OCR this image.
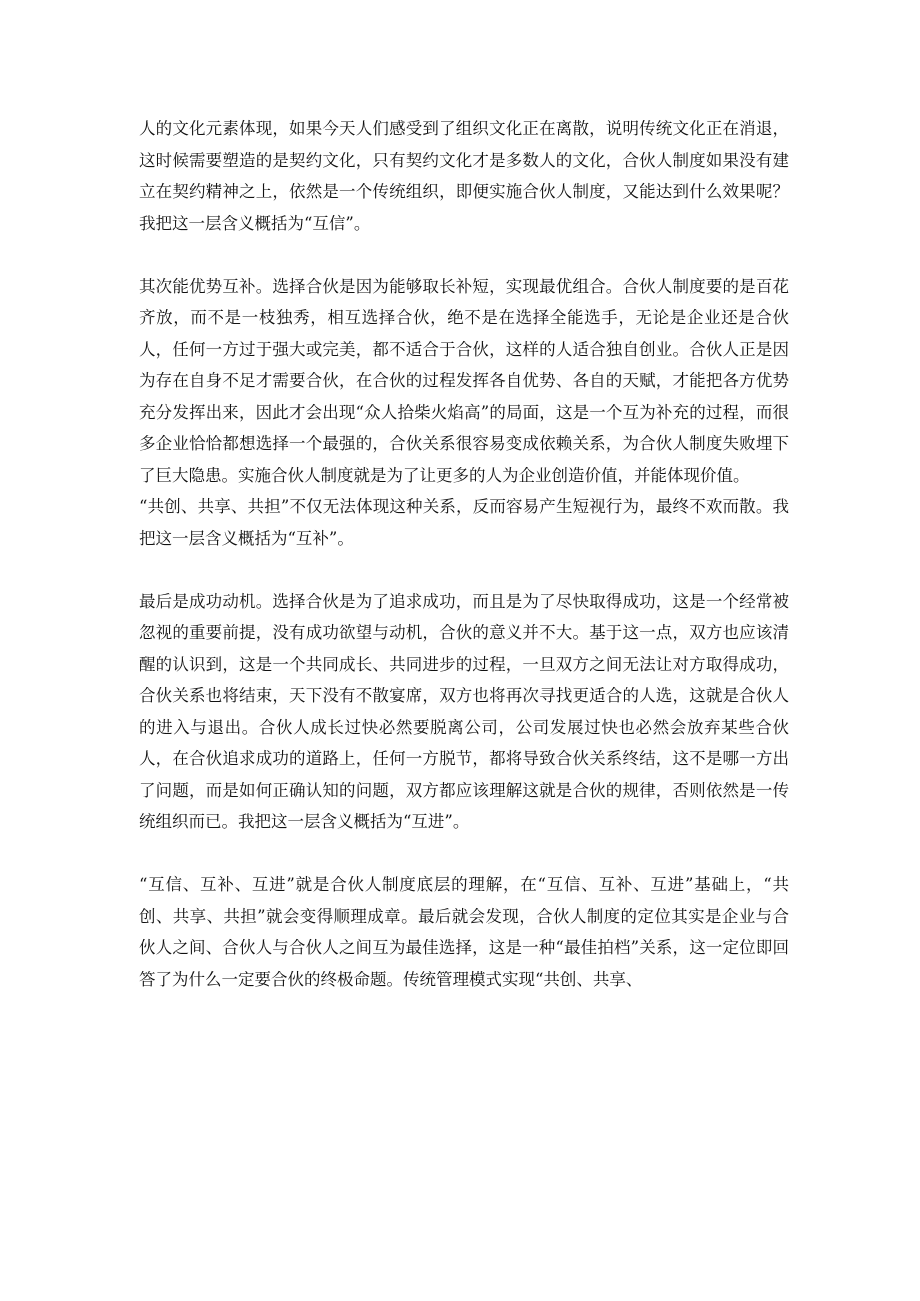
人的文化元素体现，如果今天人们感受到了组织文化正在离散，说明传统文化正在消退，这时候需要塑造的是契约文化，只有契约文化才是多数人的文化，合伙人制度如果没有建立在契约精神之上，依然是一个传统组织，即便实施合伙人制度，又能达到什么效果呢？我把这一层含义概括为“互信”。

其次能优势互补。选择合伙是因为能够取长补短，实现最优组合。合伙人制度要的是百花齐放，而不是一枝独秀，相互选择合伙，绝不是在选择全能选手，无论是企业还是合伙人，任何一方过于强大或完美，都不适合于合伙，这样的人适合独自创业。合伙人正是因为存在自身不足才需要合伙，在合伙的过程发挥各自优势、各自的天赋，才能把各方优势充分发挥出来，因此才会出现“众人拾柴火焰高”的局面，这是一个互为补充的过程，而很多企业恰恰都想选择一个最强的，合伙关系很容易变成依赖关系，为合伙人制度失败埋下了巨大隐患。实施合伙人制度就是为了让更多的人为企业创造价值，并能体现价值。

“共创、共享、共担”不仅无法体现这种关系，反而容易产生短视行为，最终不欢而散。我把这一层含义概括为“互补”。

最后是成功动机。选择合伙是为了追求成功，而且是为了尽快取得成功，这是一个经常被忽视的重要前提，没有成功欲望与动机，合伙的意义并不大。基于这一点，双方也应该清醒的认识到，这是一个共同成长、共同进步的过程，一旦双方之间无法让对方取得成功，合伙关系也将结束，天下没有不散宴席，双方也将再次寻找更适合的人选，这就是合伙人的进入与退出。合伙人成长过快必然要脱离公司，公司发展过快也必然会放弃某些合伙人，在合伙追求成功的道路上，任何一方脱节，都将导致合伙关系终结，这不是哪一方出了问题，而是如何正确认知的问题，双方都应该理解这就是合伙的规律，否则依然是一传统组织而已。我把这一层含义概括为“互进”。

“互信、互补、互进”就是合伙人制度底层的理解，在“互信、互补、互进”基础上，“共创、共享、共担”就会变得顺理成章。最后就会发现，合伙人制度的定位其实是企业与合伙人之间、合伙人与合伙人之间互为最佳选择，这是一种“最佳拍档”关系，这一定位即回答了为什么一定要合伙的终极命题。传统管理模式实现“共创、共享、
